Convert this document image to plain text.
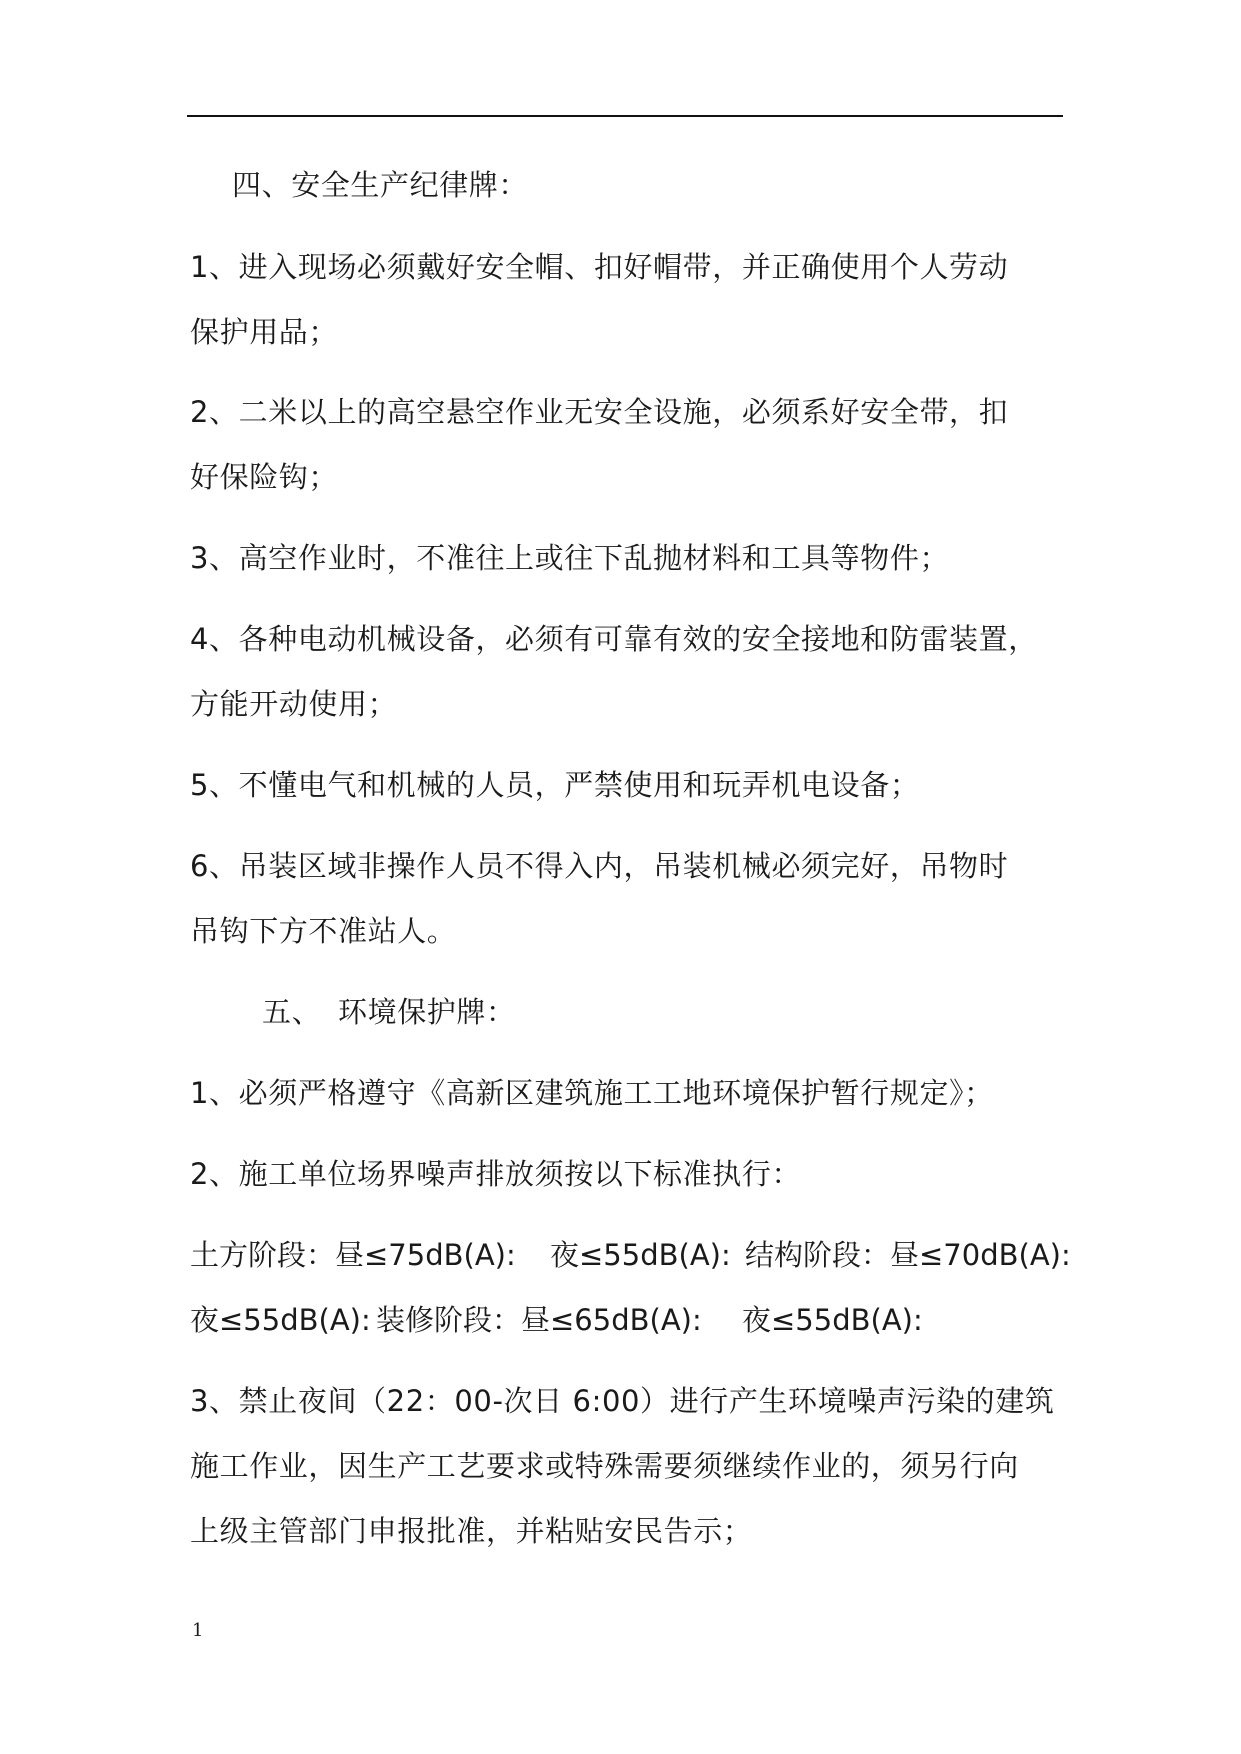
四、安全生产纪律牌：
1、进入现场必须戴好安全帽、扣好帽带，并正确使用个人劳动
保护用品；
2、二米以上的高空悬空作业无安全设施，必须系好安全带，扣
好保险钩；
3、高空作业时，不准往上或往下乱抛材料和工具等物件；
4、各种电动机械设备，必须有可靠有效的安全接地和防雷装置，
方能开动使用；
5、不懂电气和机械的人员，严禁使用和玩弄机电设备；
6、吊装区域非操作人员不得入内，吊装机械必须完好，吊物时
吊钩下方不准站人。
五、 环境保护牌：
1、必须严格遵守《高新区建筑施工工地环境保护暂行规定》；
2、施工单位场界噪声排放须按以下标准执行：
土方阶段：昼≤75dB(A): 夜≤55dB(A): 结构阶段：昼≤70dB(A):
夜≤55dB(A): 装修阶段：昼≤65dB(A): 夜≤55dB(A):
3、禁止夜间（22：00-次日 6:00）进行产生环境噪声污染的建筑
施工作业，因生产工艺要求或特殊需要须继续作业的，须另行向
上级主管部门申报批准，并粘贴安民告示；
1
